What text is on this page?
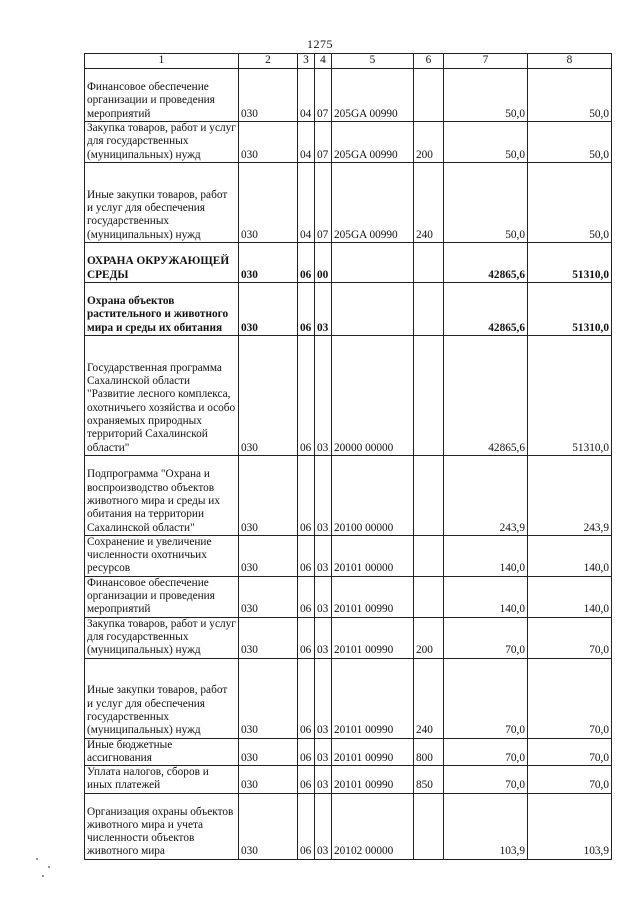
1275
1	2	3	4	5	6	7	8
Финансовое обеспечение организации и проведения мероприятий	030	04	07	205GA 00990		50,0	50,0
Закупка товаров, работ и услуг для государственных (муниципальных) нужд	030	04	07	205GA 00990	200	50,0	50,0
Иные закупки товаров, работ и услуг для обеспечения государственных (муниципальных) нужд	030	04	07	205GA 00990	240	50,0	50,0
ОХРАНА ОКРУЖАЮЩЕЙ СРЕДЫ	030	06	00			42865,6	51310,0
Охрана объектов растительного и животного мира и среды их обитания	030	06	03			42865,6	51310,0
Государственная программа Сахалинской области "Развитие лесного комплекса, охотничьего хозяйства и особо охраняемых природных территорий Сахалинской области"	030	06	03	20000 00000		42865,6	51310,0
Подпрограмма "Охрана и воспроизводство объектов животного мира и среды их обитания на территории Сахалинской области"	030	06	03	20100 00000		243,9	243,9
Сохранение и увеличение численности охотничьих ресурсов	030	06	03	20101 00000		140,0	140,0
Финансовое обеспечение организации и проведения мероприятий	030	06	03	20101 00990		140,0	140,0
Закупка товаров, работ и услуг для государственных (муниципальных) нужд	030	06	03	20101 00990	200	70,0	70,0
Иные закупки товаров, работ и услуг для обеспечения государственных (муниципальных) нужд	030	06	03	20101 00990	240	70,0	70,0
Иные бюджетные ассигнования	030	06	03	20101 00990	800	70,0	70,0
Уплата налогов, сборов и иных платежей	030	06	03	20101 00990	850	70,0	70,0
Организация охраны объектов животного мира и учета численности объектов животного мира	030	06	03	20102 00000		103,9	103,9
